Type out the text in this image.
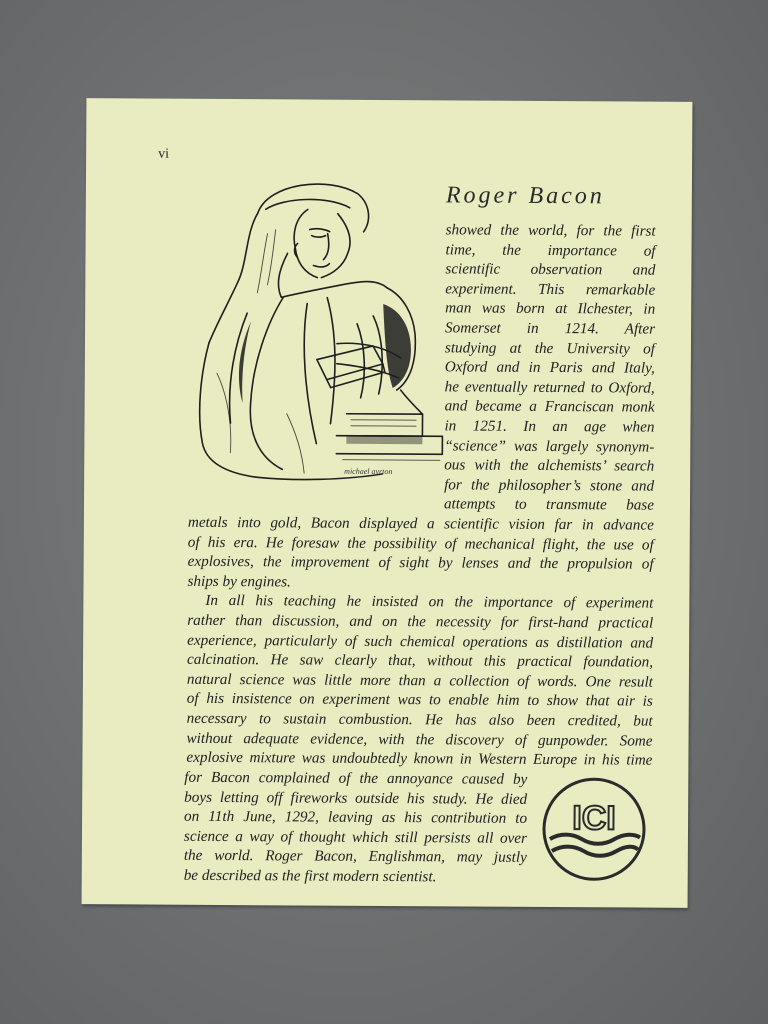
vi
michael ayrton
Roger Bacon
showed the world, for the first
time, the importance of
scientific observation and
experiment. This remarkable
man was born at Ilchester, in
Somerset in 1214. After
studying at the University of
Oxford and in Paris and Italy,
he eventually returned to Oxford,
and became a Franciscan monk
in 1251. In an age when
“science” was largely synonym-
ous with the alchemists’ search
for the philosopher’s stone and
attempts to transmute base
metals into gold, Bacon displayed a scientific vision far in advance
of his era. He foresaw the possibility of mechanical flight, the use of
explosives, the improvement of sight by lenses and the propulsion of
ships by engines.
In all his teaching he insisted on the importance of experiment
rather than discussion, and on the necessity for first-hand practical
experience, particularly of such chemical operations as distillation and
calcination. He saw clearly that, without this practical foundation,
natural science was little more than a collection of words. One result
of his insistence on experiment was to enable him to show that air is
necessary to sustain combustion. He has also been credited, but
without adequate evidence, with the discovery of gunpowder. Some
explosive mixture was undoubtedly known in Western Europe in his time
for Bacon complained of the annoyance caused by
boys letting off fireworks outside his study. He died
on 11th June, 1292, leaving as his contribution to
science a way of thought which still persists all over
the world. Roger Bacon, Englishman, may justly
be described as the first modern scientist.
ICI
